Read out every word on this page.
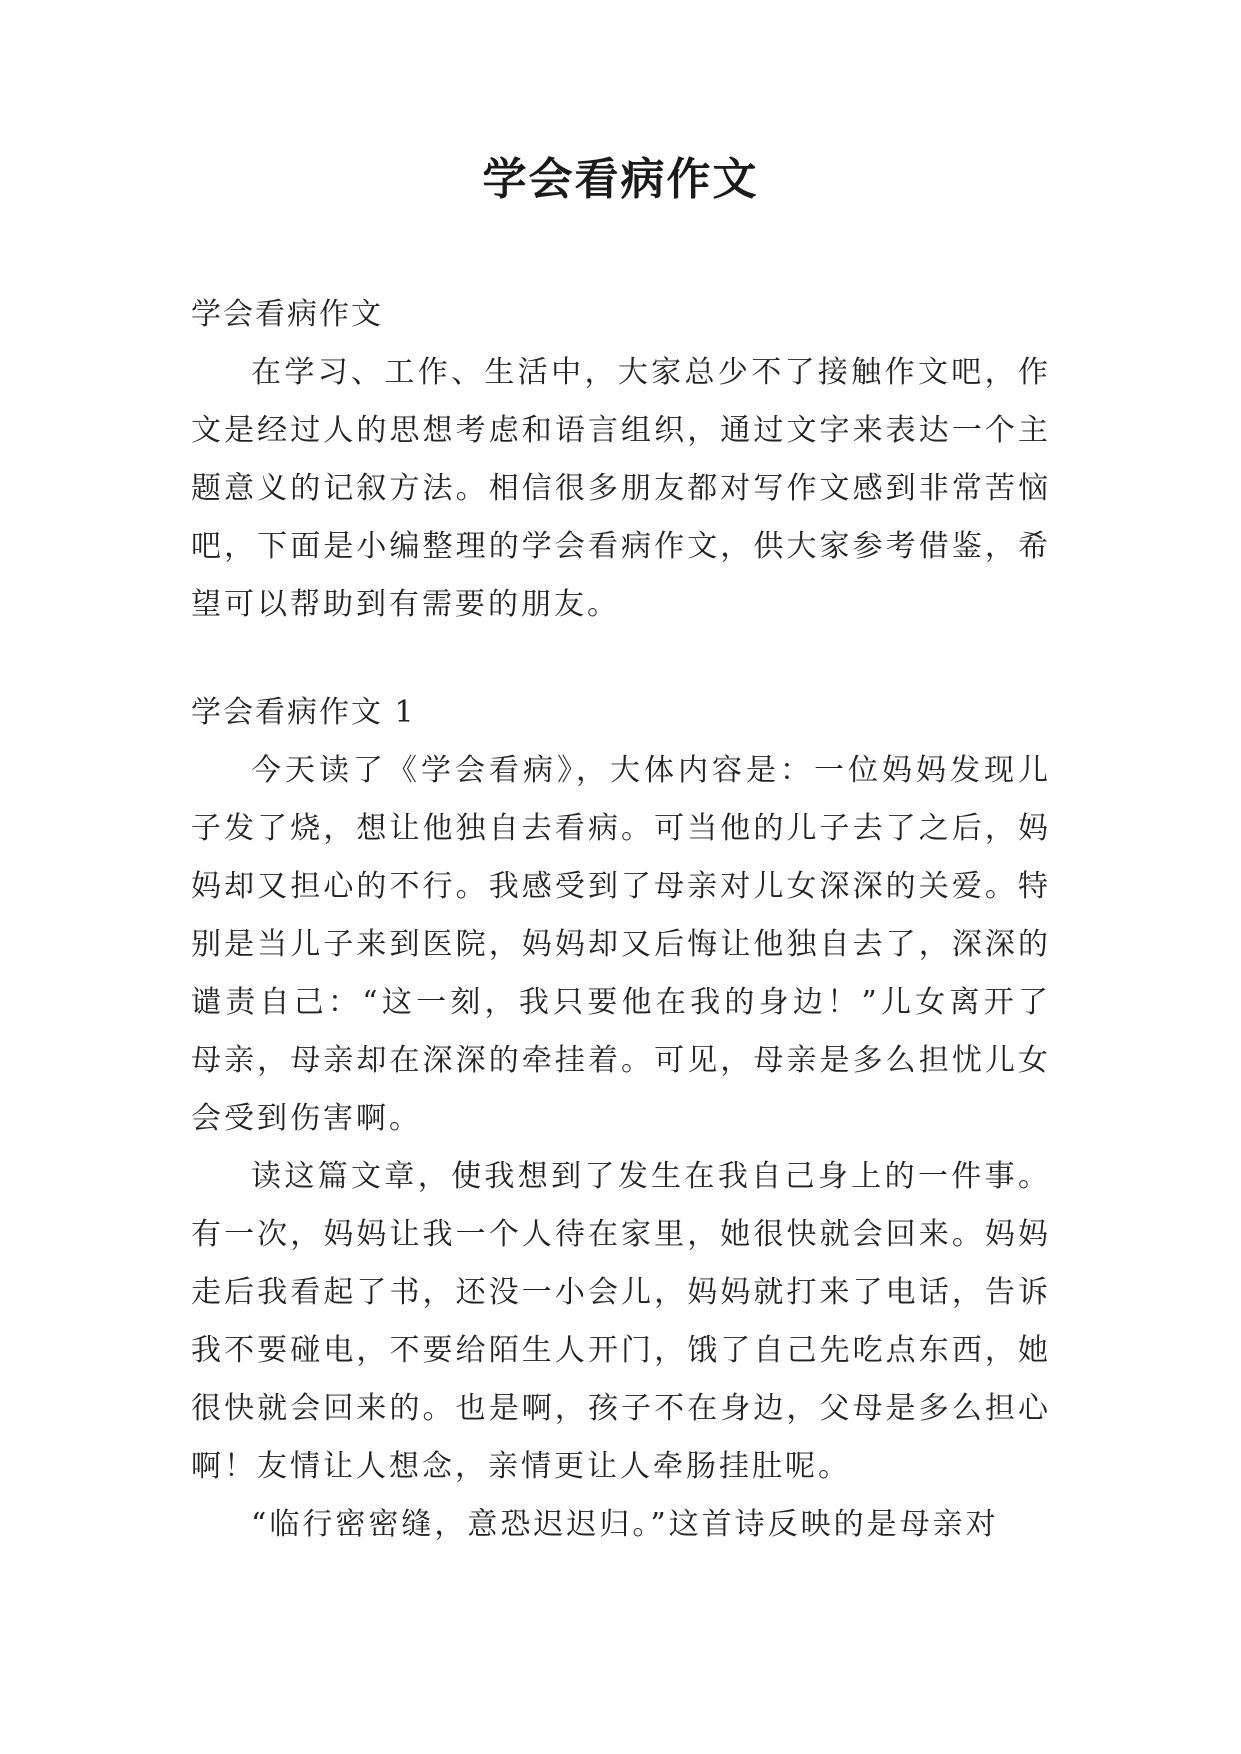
学会看病作文

学会看病作文

在学习、工作、生活中，大家总少不了接触作文吧，作文是经过人的思想考虑和语言组织，通过文字来表达一个主题意义的记叙方法。相信很多朋友都对写作文感到非常苦恼吧，下面是小编整理的学会看病作文，供大家参考借鉴，希望可以帮助到有需要的朋友。

学会看病作文 1

今天读了《学会看病》，大体内容是：一位妈妈发现儿子发了烧，想让他独自去看病。可当他的儿子去了之后，妈妈却又担心的不行。我感受到了母亲对儿女深深的关爱。特别是当儿子来到医院，妈妈却又后悔让他独自去了，深深的谴责自己：“这一刻，我只要他在我的身边！”儿女离开了母亲，母亲却在深深的牵挂着。可见，母亲是多么担忧儿女会受到伤害啊。

读这篇文章，使我想到了发生在我自己身上的一件事。有一次，妈妈让我一个人待在家里，她很快就会回来。妈妈走后我看起了书，还没一小会儿，妈妈就打来了电话，告诉我不要碰电，不要给陌生人开门，饿了自己先吃点东西，她很快就会回来的。也是啊，孩子不在身边，父母是多么担心啊！友情让人想念，亲情更让人牵肠挂肚呢。

“临行密密缝，意恐迟迟归。”这首诗反映的是母亲对
